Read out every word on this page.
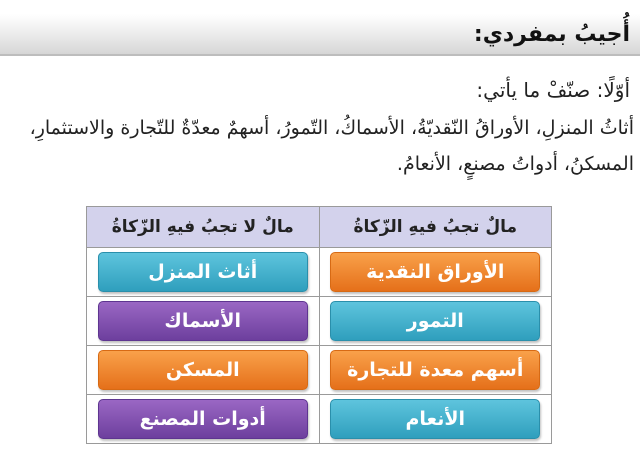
أُجيبُ بمفردي:
أوّلًا: صنّفْ ما يأتي:
أثاثُ المنزلِ، الأوراقُ النّقديّةُ، الأسماكُ، التّمورُ، أسهمٌ معدّةٌ للتّجارة والاستثمارِ، المسكنُ، أدواتُ مصنعٍ، الأنعامُ.
مالٌ تجبُ فيهِ الزّكاةُ	مالٌ لا تجبُ فيهِ الزّكاةُ
الأوراق النقدية	أثاث المنزل
التمور	الأسماك
أسهم معدة للتجارة	المسكن
الأنعام	أدوات المصنع
